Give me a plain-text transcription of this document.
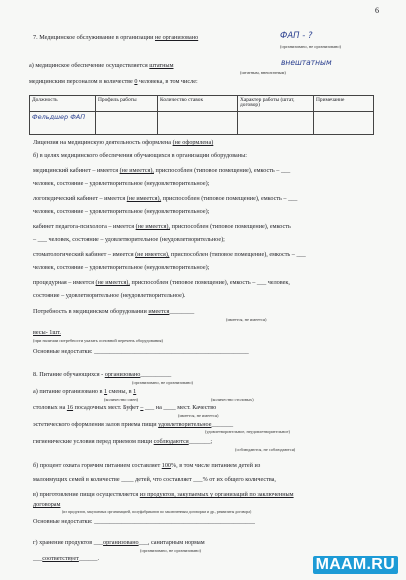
6
7. Медицинское обслуживание в организации не организовано	ФАП - ?
(организовано, не организовано)
а) медицинское обеспечение осуществляется штатным	внештатным
(штатным, внештатным)
медицинским персоналом в количестве 0 человека, в том числе:
Должность	Профиль работы	Количество ставок	Характер работы (штат, договор)	Примечание
Фельдшер ФАП				
Лицензия на медицинскую деятельность оформлена (не оформлена)
б) в целях медицинского обеспечения обучающихся в организации оборудованы:
медицинский кабинет – имеется (не имеется), приспособлен (типовое помещение), емкость – ___
человек, состояние – удовлетворительное (неудовлетворительное);
логопедический кабинет – имеется (не имеется), приспособлен (типовое помещение), емкость – ___
человек, состояние – удовлетворительное (неудовлетворительное);
кабинет педагога-психолога – имеется (не имеется), приспособлен (типовое помещение), емкость
– ___ человек, состояние – удовлетворительное (неудовлетворительное);
стоматологический кабинет – имеется (не имеется), приспособлен (типовое помещение), емкость – ___
человек, состояние – удовлетворительное (неудовлетворительное);
процедурная – имеется (не имеется), приспособлен (типовое помещение), емкость – ___ человек,
состояние – удовлетворительное (неудовлетворительное).
Потребность в медицинском оборудовании имеется________
(имеется, не имеется)
весы- 1шт.
(при наличии потребности указать основной перечень оборудования)
Основные недостатки: __________________________________________________
8. Питание обучающихся - организовано__________
(организовано, не организовано)
а) питание организовано в 1 смены, в 1
(количество смен)	(количество столовых)
столовых на 16 посадочных мест. Буфет – ___ на ____ мест. Качество
(имеется, не имеется)
эстетического оформления залов приема пищи удовлетворительное_______
(удовлетворительное, неудовлетворительное)
гигиенические условия перед приемом пищи соблюдаются_______;
(соблюдаются, не соблюдаются)
б) процент охвата горячим питанием составляет 100%, в том числе питанием детей из
малоимущих семей в количестве ____ детей, что составляет ___% от их общего количества,
в) приготовление пищи осуществляется из продуктов, закупаемых у организаций по заключенным
договорам
(из продуктов, закупаемых организацией, полуфабрикатов по заключенным договорам и др., реквизиты договора)
Основные недостатки: ____________________________________________________
г) хранение продуктов ___организовано___, санитарным нормам
(организовано, не организовано)
___соответствует______.	MAAM.RU
